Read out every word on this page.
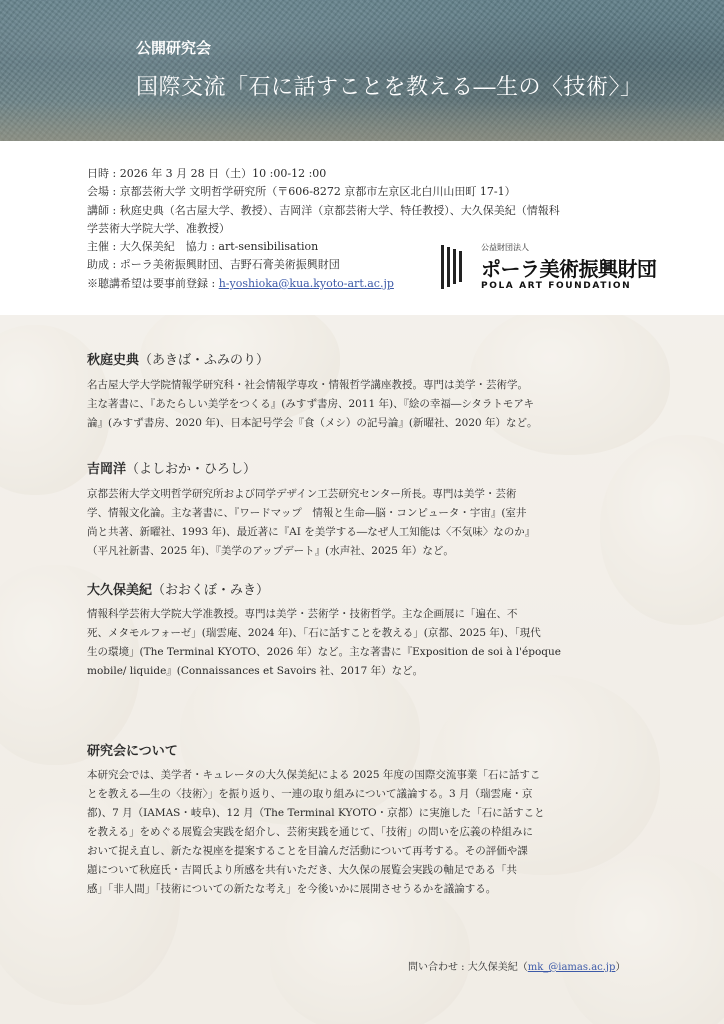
公開研究会
国際交流「石に話すことを教える―生の〈技術〉」
日時 : 2026 年 3 月 28 日（土）10 :00-12 :00
会場 : 京都芸術大学 文明哲学研究所（〒606-8272 京都市左京区北白川山田町 17-1）
講師 : 秋庭史典（名古屋大学、教授）、吉岡洋（京都芸術大学、特任教授）、大久保美紀（情報科
学芸術大学院大学、准教授）
主催 : 大久保美紀　協力 : art-sensibilisation
助成 : ポーラ美術振興財団、吉野石膏美術振興財団
※聴講希望は要事前登録 : h-yoshioka@kua.kyoto-art.ac.jp
公益財団法人
ポーラ美術振興財団
POLA ART FOUNDATION
秋庭史典（あきば・ふみのり）
名古屋大学大学院情報学研究科・社会情報学専攻・情報哲学講座教授。専門は美学・芸術学。
主な著書に、『あたらしい美学をつくる』(みすず書房、2011 年)、『絵の幸福―シタラトモアキ
論』(みすず書房、2020 年)、日本記号学会『食（メシ）の記号論』(新曜社、2020 年）など。
吉岡洋（よしおか・ひろし）
京都芸術大学文明哲学研究所および同学デザイン工芸研究センター所長。専門は美学・芸術
学、情報文化論。主な著書に、『ワードマップ　情報と生命―脳・コンピュータ・宇宙』(室井
尚と共著、新曜社、1993 年)、最近著に『AI を美学する―なぜ人工知能は〈不気味〉なのか』
（平凡社新書、2025 年)、『美学のアップデート』(水声社、2025 年）など。
大久保美紀（おおくぼ・みき）
情報科学芸術大学院大学准教授。専門は美学・芸術学・技術哲学。主な企画展に「遍在、不
死、メタモルフォーゼ」(瑞雲庵、2024 年)、「石に話すことを教える」(京都、2025 年)、「現代
生の環境」(The Terminal KYOTO、2026 年）など。主な著書に『Exposition de soi à l'époque
mobile/ liquide』(Connaissances et Savoirs 社、2017 年）など。
研究会について
本研究会では、美学者・キュレータの大久保美紀による 2025 年度の国際交流事業「石に話すこ
とを教える―生の〈技術〉」を振り返り、一連の取り組みについて議論する。3 月（瑞雲庵・京
都)、7 月（IAMAS・岐阜)、12 月（The Terminal KYOTO・京都）に実施した「石に話すこと
を教える」をめぐる展覧会実践を紹介し、芸術実践を通じて、「技術」の問いを広義の枠組みに
おいて捉え直し、新たな視座を提案することを目論んだ活動について再考する。その評価や課
題について秋庭氏・吉岡氏より所感を共有いただき、大久保の展覧会実践の軸足である「共
感」「非人間」「技術についての新たな考え」を今後いかに展開させうるかを議論する。
問い合わせ : 大久保美紀（mk_@iamas.ac.jp）
